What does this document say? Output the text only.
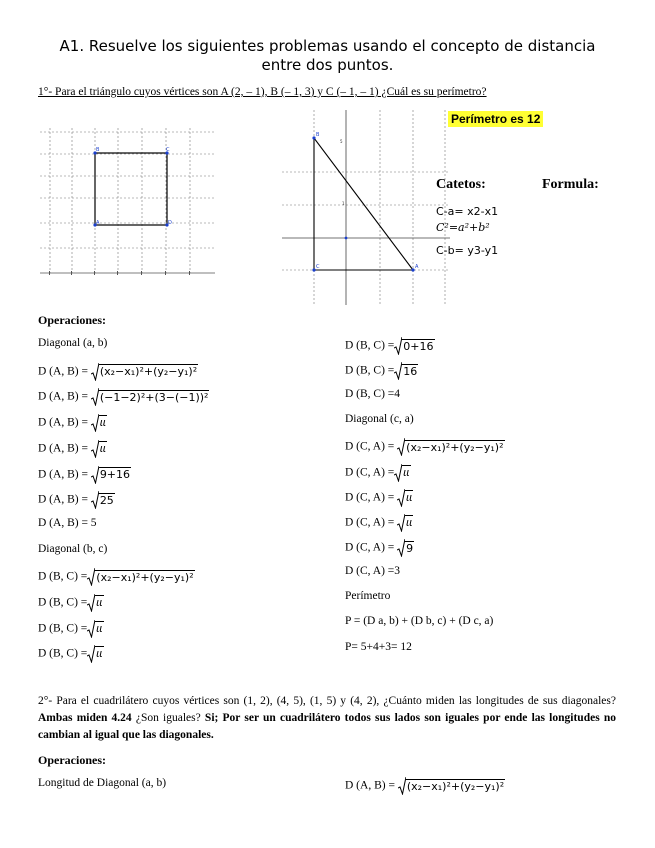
A1. Resuelve los siguientes problemas usando el concepto de distancia entre dos puntos.
1°- Para el triángulo cuyos vértices son A (2, – 1), B (– 1, 3) y C (– 1, – 1) ¿Cuál es su perímetro?
B	C
A	D
B
A
C
5
1
Perímetro es 12
Catetos:	Formula:
C-a= x2-x1
C²=a²+b²
C-b= y3-y1
Operaciones:
Diagonal (a, b)
D (A, B) = (x₂−x₁)²+(y₂−y₁)²
D (A, B) = (−1−2)²+(3−(−1))²
D (A, B) = 𝜄𝜄
D (A, B) = 𝜄𝜄
D (A, B) = 9+16
D (A, B) = 25
D (A, B) = 5
Diagonal (b, c)
D (B, C) = (x₂−x₁)²+(y₂−y₁)²
D (B, C) = 𝜄𝜄
D (B, C) = 𝜄𝜄
D (B, C) = 𝜄𝜄
D (B, C) = 0+16
D (B, C) = 16
D (B, C) =4
Diagonal (c, a)
D (C, A) = (x₂−x₁)²+(y₂−y₁)²
D (C, A) = 𝜄𝜄
D (C, A) = 𝜄𝜄
D (C, A) = 𝜄𝜄
D (C, A) = 9
D (C, A) =3
Perímetro
P = (D a, b) + (D b, c) + (D c, a)
P= 5+4+3= 12
2°- Para el cuadrilátero cuyos vértices son (1, 2), (4, 5), (1, 5) y (4, 2), ¿Cuánto miden las longitudes de sus diagonales? Ambas miden 4.24 ¿Son iguales? Si; Por ser un cuadrilátero todos sus lados son iguales por ende las longitudes no cambian al igual que las diagonales.
Operaciones:
Longitud de Diagonal (a, b)	D (A, B) = (x₂−x₁)²+(y₂−y₁)²
